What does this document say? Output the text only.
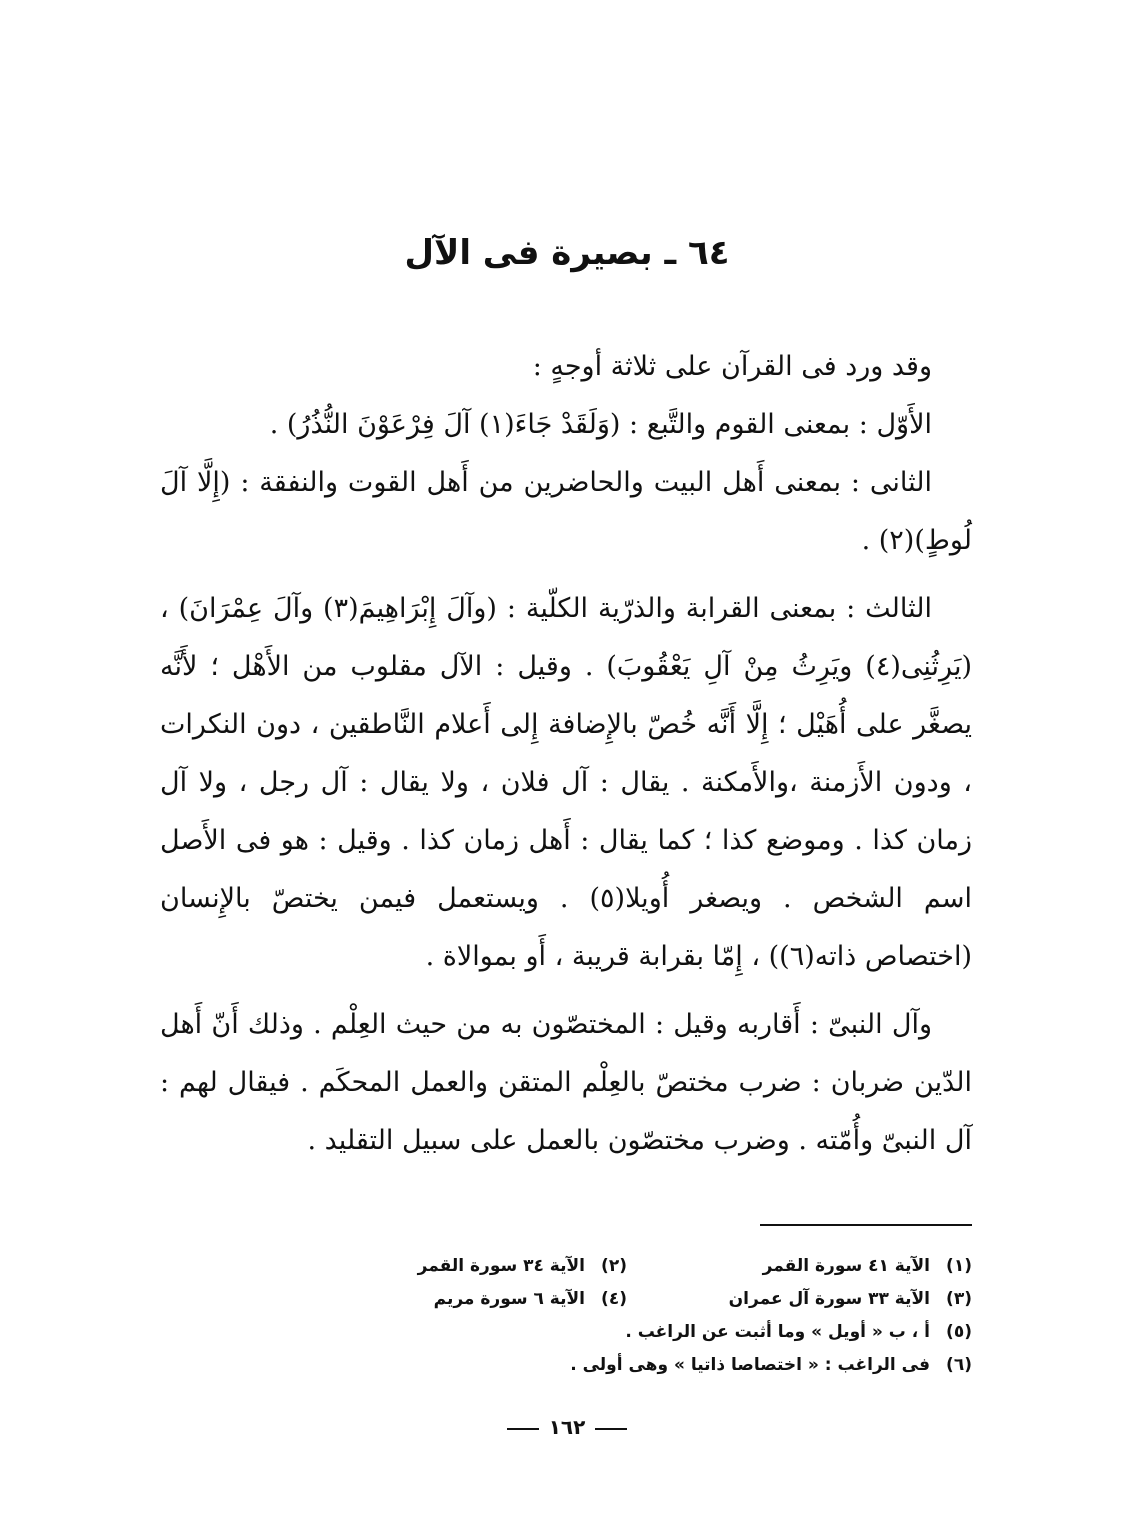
٦٤ ـ بصيرة فى الآل

وقد ورد فى القرآن على ثلاثة أوجهٍ :

الأَوّل : بمعنى القوم والتَّبع : (وَلَقَدْ جَاءَ(١) آلَ فِرْعَوْنَ النُّذُرُ) .

الثانى : بمعنى أَهل البيت والحاضرين من أَهل القوت والنفقة : (إِلَّا آلَ لُوطٍ)(٢) .

الثالث : بمعنى القرابة والذرّية الكلّية : (وآلَ إِبْرَاهِيمَ(٣) وآلَ عِمْرَانَ) ، (يَرِثُنِى(٤) ويَرِثُ مِنْ آلِ يَعْقُوبَ) . وقيل : الآل مقلوب من الأَهْل ؛ لأَنَّه يصغَّر على أُهَيْل ؛ إِلَّا أَنَّه خُصّ بالإِضافة إِلى أَعلام النَّاطقين ، دون النكرات ، ودون الأَزمنة ،والأَمكنة . يقال : آل فلان ، ولا يقال : آل رجل ، ولا آل زمان كذا . وموضع كذا ؛ كما يقال : أَهل زمان كذا . وقيل : هو فى الأَصل اسم الشخص . ويصغر أُويلا(٥) . ويستعمل فيمن يختصّ بالإِنسان (اختصاص ذاته(٦)) ، إِمّا بقرابة قريبة ، أَو بموالاة .

وآل النبىّ : أَقاربه وقيل : المختصّون به من حيث العِلْم . وذلك أَنّ أَهل الدّين ضربان : ضرب مختصّ بالعِلْم المتقن والعمل المحكَم . فيقال لهم : آل النبىّ وأُمّته . وضرب مختصّون بالعمل على سبيل التقليد .

(١)
الآية ٤١ سورة القمر
(٢)
الآية ٣٤ سورة القمر
(٣)
الآية ٣٣ سورة آل عمران
(٤)
الآية ٦ سورة مريم
(٥)
أ ، ب « أويل » وما أثبت عن الراغب .
(٦)
فى الراغب : « اختصاصا ذاتيا » وهى أولى .
١٦٢
